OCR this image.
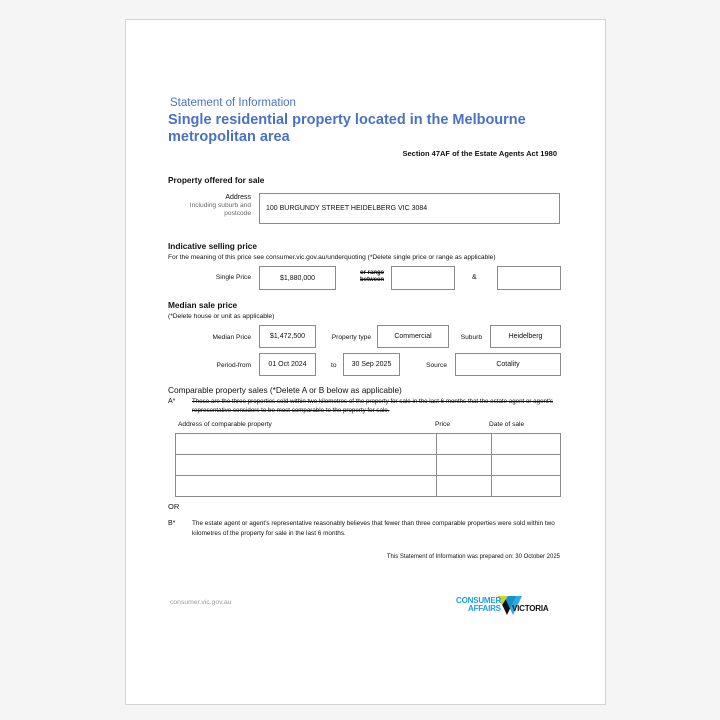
Statement of Information
Single residential property located in the Melbourne metropolitan area
Section 47AF of the Estate Agents Act 1980
Property offered for sale
Address
Including suburb and postcode
100 BURGUNDY STREET HEIDELBERG VIC 3084
Indicative selling price
For the meaning of this price see consumer.vic.gov.au/underquoting (*Delete single price or range as applicable)
Single Price	$1,880,000
or range
between	&
Median sale price
(*Delete house or unit as applicable)
Median Price	$1,472,500	Property type	Commercial	Suburb	Heidelberg
Period-from	01 Oct 2024	to	30 Sep 2025	Source	Cotality
Comparable property sales (*Delete A or B below as applicable)
A*	These are the three properties sold within two kilometres of the property for sale in the last 6 months that the estate agent or agent's representative considers to be most comparable to the property for sale.
Address of comparable property	Price	Date of sale

OR
B*	The estate agent or agent's representative reasonably believes that fewer than three comparable properties were sold within two kilometres of the property for sale in the last 6 months.
This Statement of Information was prepared on: 30 October 2025
consumer.vic.gov.au	CONSUMER
AFFAIRS VICTORIA
